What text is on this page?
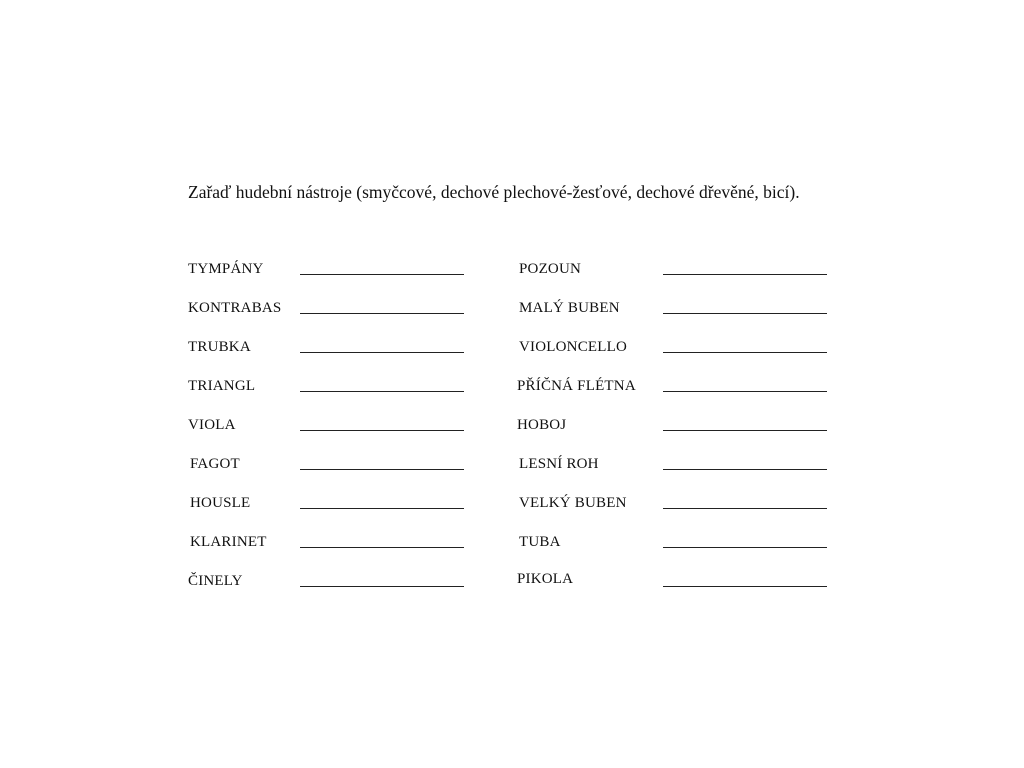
Zařaď hudební nástroje (smyčcové, dechové plechové-žesťové, dechové dřevěné, bicí).
TYMPÁNY
KONTRABAS
TRUBKA
TRIANGL
VIOLA
FAGOT
HOUSLE
KLARINET
ČINELY
POZOUN
MALÝ BUBEN
VIOLONCELLO
PŘÍČNÁ FLÉTNA
HOBOJ
LESNÍ ROH
VELKÝ BUBEN
TUBA
PIKOLA
